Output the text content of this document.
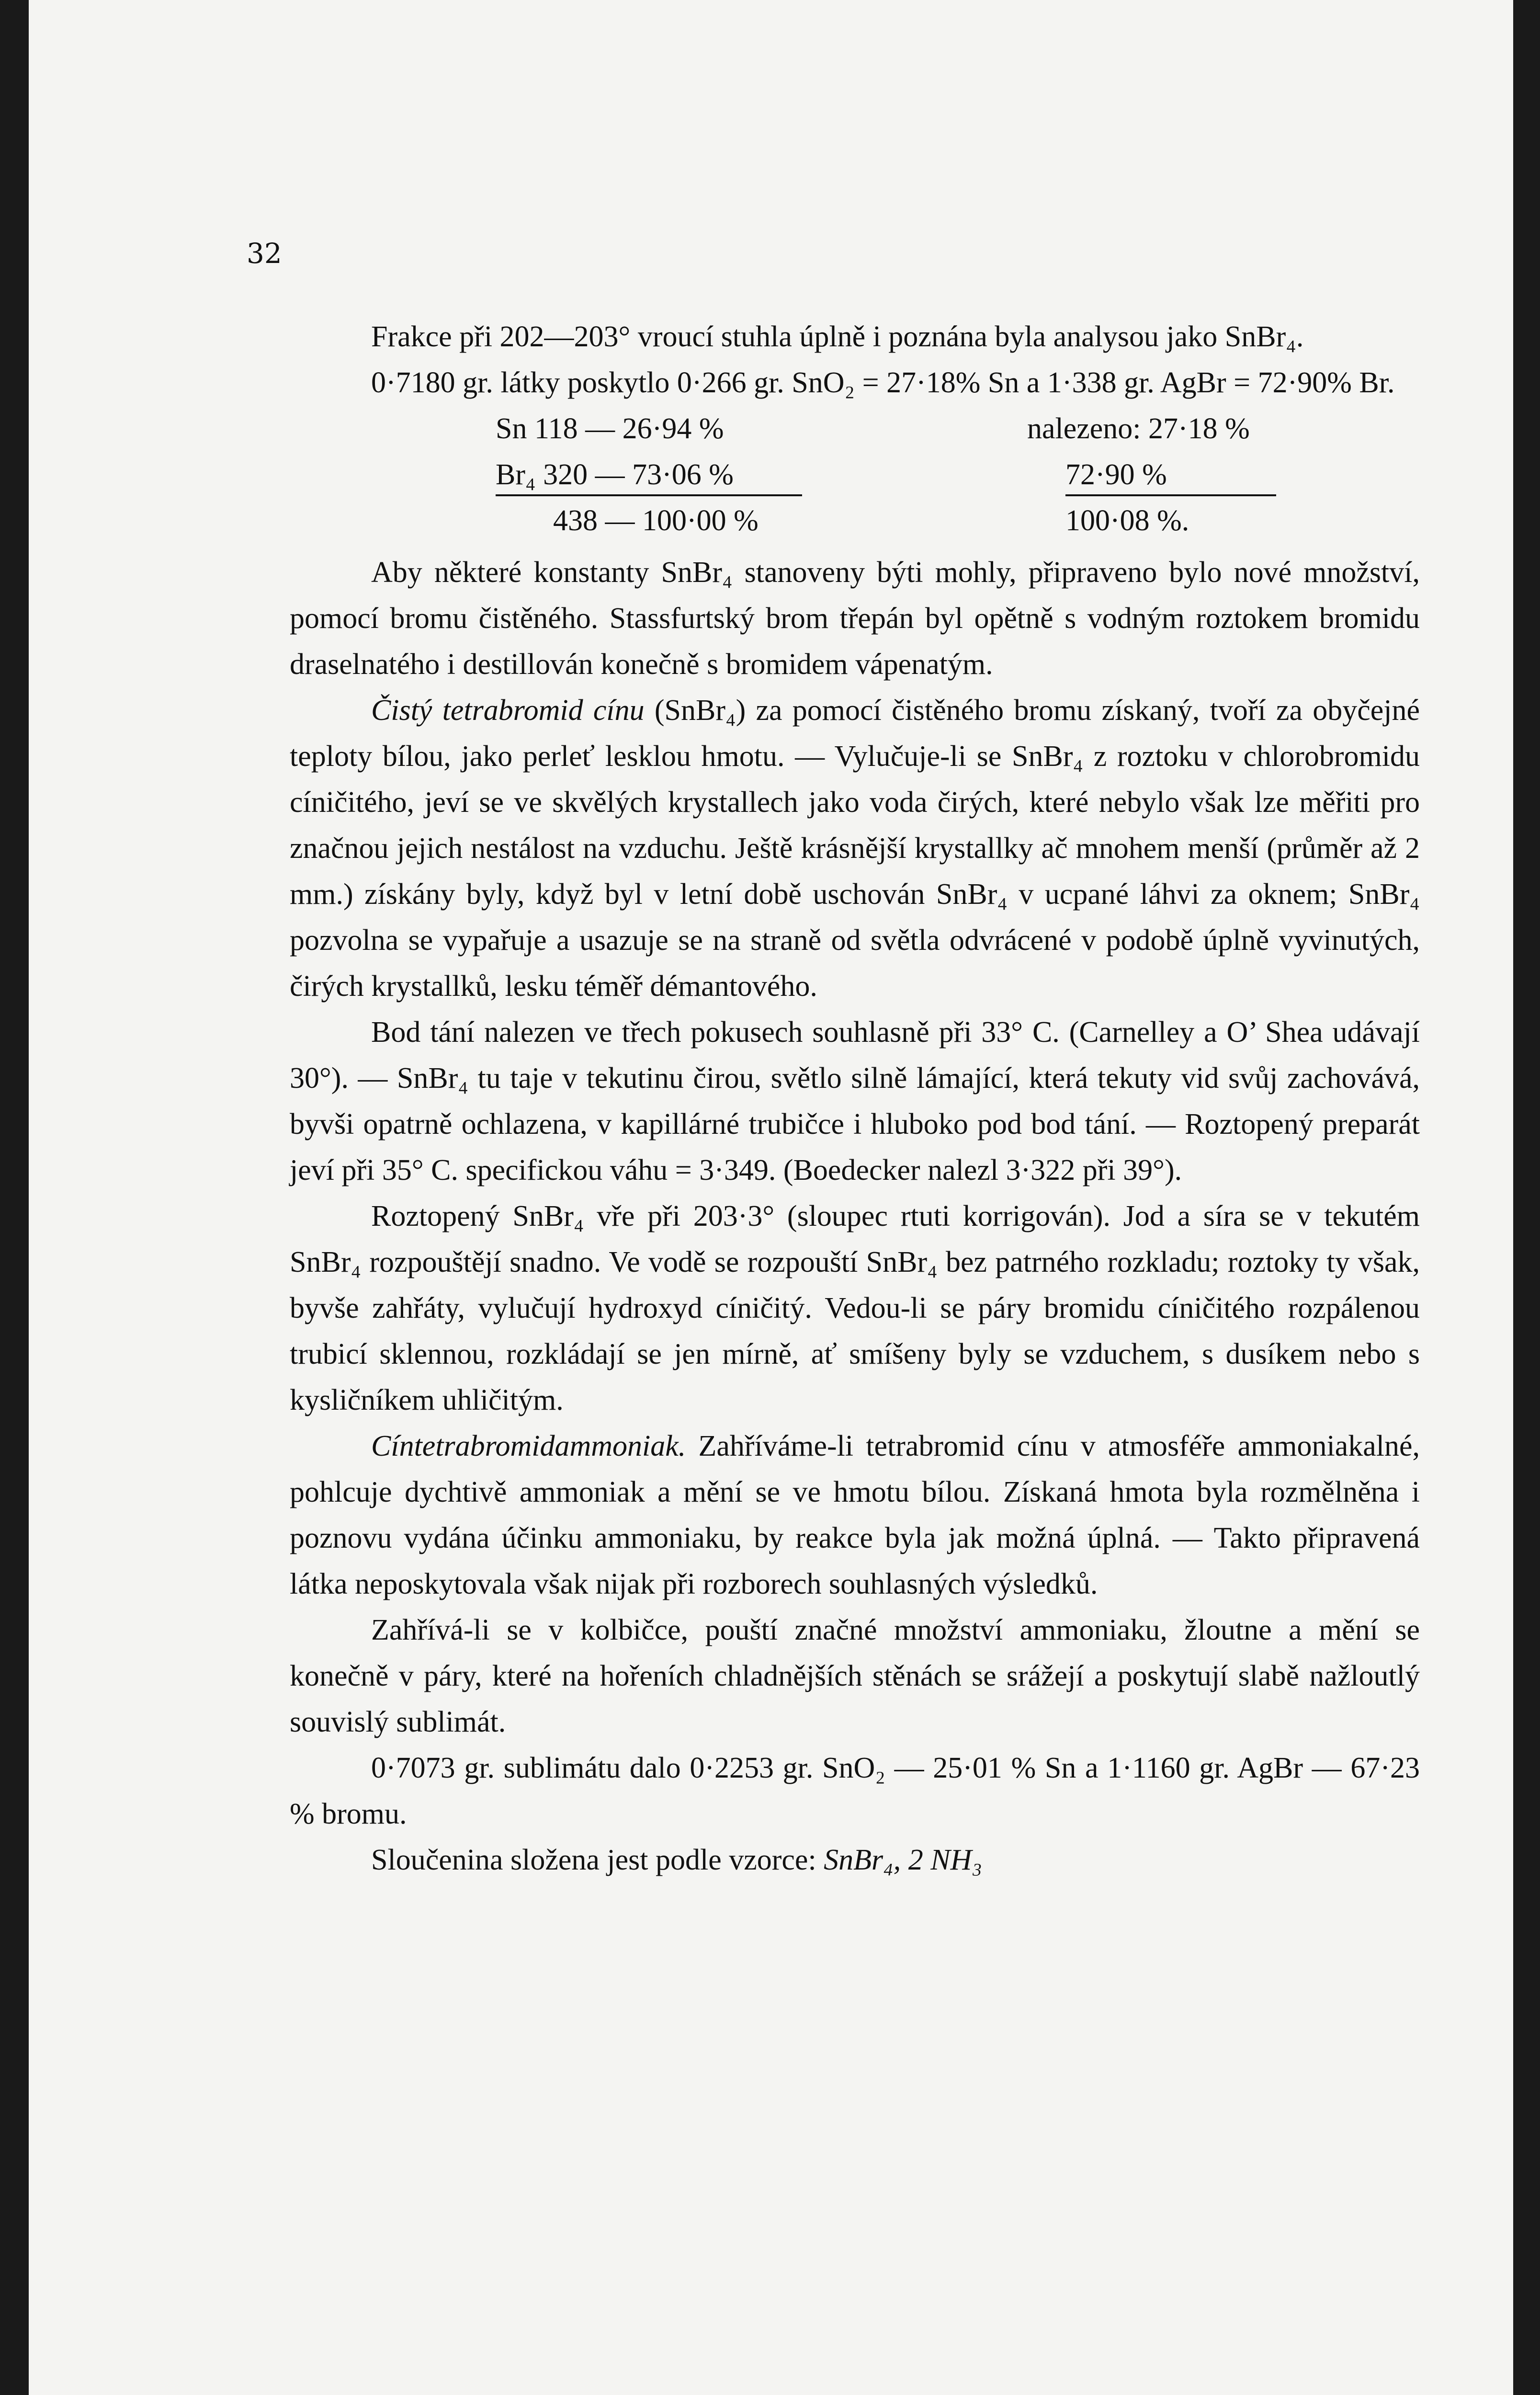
32

Frakce při 202—203° vroucí stuhla úplně i poznána byla analysou jako SnBr₄.

0·7180 gr. látky poskytlo 0·266 gr. SnO₂ = 27·18% Sn a 1·338 gr. AgBr = 72·90% Br.

Sn 118 — 26·94 %	nalezeno: 27·18 %
Br₄ 320 — 73·06 %	72·90 %
438 — 100·00 %	100·08 %.

Aby některé konstanty SnBr₄ stanoveny býti mohly, připraveno bylo nové množství, pomocí bromu čistěného. Stassfurtský brom třepán byl opětně s vodným roztokem bromidu draselnatého i destillován konečně s bromidem vápenatým.

Čistý tetrabromid cínu (SnBr₄) za pomocí čistěného bromu získaný, tvoří za obyčejné teploty bílou, jako perleť lesklou hmotu. — Vylučuje-li se SnBr₄ z roztoku v chlorobromidu cíničitého, jeví se ve skvělých krystallech jako voda čirých, které nebylo však lze měřiti pro značnou jejich nestálost na vzduchu. Ještě krásnější krystallky ač mnohem menší (průměr až 2 mm.) získány byly, když byl v letní době uschován SnBr₄ v ucpané láhvi za oknem; SnBr₄ pozvolna se vypařuje a usazuje se na straně od světla odvrácené v podobě úplně vyvinutých, čirých krystallků, lesku téměř démantového.

Bod tání nalezen ve třech pokusech souhlasně při 33° C. (Carnelley a O’ Shea udávají 30°). — SnBr₄ tu taje v tekutinu čirou, světlo silně lámající, která tekuty vid svůj zachovává, byvši opatrně ochlazena, v kapillárné trubičce i hluboko pod bod tání. — Roztopený preparát jeví při 35° C. specifickou váhu = 3·349. (Boedecker nalezl 3·322 při 39°).

Roztopený SnBr₄ vře při 203·3° (sloupec rtuti korrigován). Jod a síra se v tekutém SnBr₄ rozpouštějí snadno. Ve vodě se rozpouští SnBr₄ bez patrného rozkladu; roztoky ty však, byvše zahřáty, vylučují hydroxyd cíničitý. Vedou-li se páry bromidu cíničitého rozpálenou trubicí sklennou, rozkládají se jen mírně, ať smíšeny byly se vzduchem, s dusíkem nebo s kysličníkem uhličitým.

Cíntetrabromidammoniak. Zahříváme-li tetrabromid cínu v atmosféře ammoniakalné, pohlcuje dychtivě ammoniak a mění se ve hmotu bílou. Získaná hmota byla rozmělněna i poznovu vydána účinku ammoniaku, by reakce byla jak možná úplná. — Takto připravená látka neposkytovala však nijak při rozborech souhlasných výsledků.

Zahřívá-li se v kolbičce, pouští značné množství ammoniaku, žloutne a mění se konečně v páry, které na hořeních chladnějších stěnách se srážejí a poskytují slabě nažloutlý souvislý sublimát.

0·7073 gr. sublimátu dalo 0·2253 gr. SnO₂ — 25·01 % Sn a 1·1160 gr. AgBr — 67·23 % bromu.

Sloučenina složena jest podle vzorce: SnBr₄, 2 NH₃
